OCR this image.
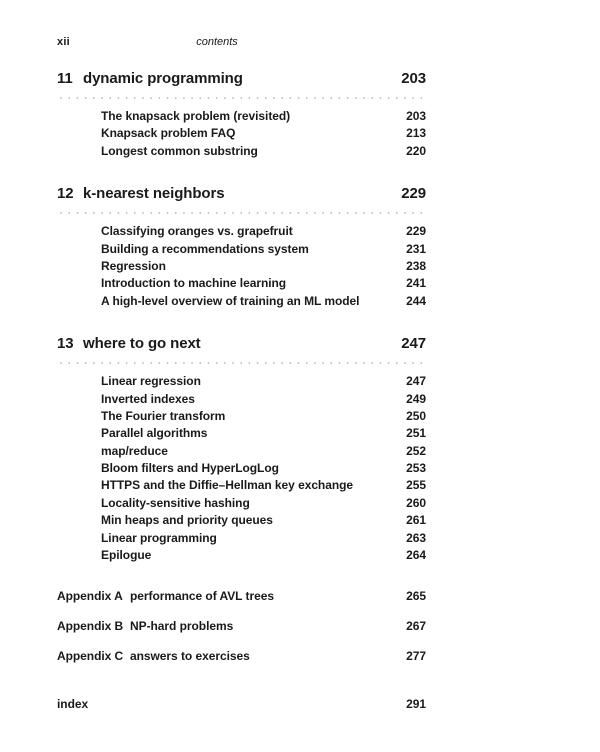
xii	contents
11 dynamic programming	203
The knapsack problem (revisited)	203
Knapsack problem FAQ	213
Longest common substring	220
12 k-nearest neighbors	229
Classifying oranges vs. grapefruit	229
Building a recommendations system	231
Regression	238
Introduction to machine learning	241
A high-level overview of training an ML model	244
13 where to go next	247
Linear regression	247
Inverted indexes	249
The Fourier transform	250
Parallel algorithms	251
map/reduce	252
Bloom filters and HyperLogLog	253
HTTPS and the Diffie–Hellman key exchange	255
Locality-sensitive hashing	260
Min heaps and priority queues	261
Linear programming	263
Epilogue	264
Appendix A performance of AVL trees	265
Appendix B NP-hard problems	267
Appendix C answers to exercises	277
index	291
